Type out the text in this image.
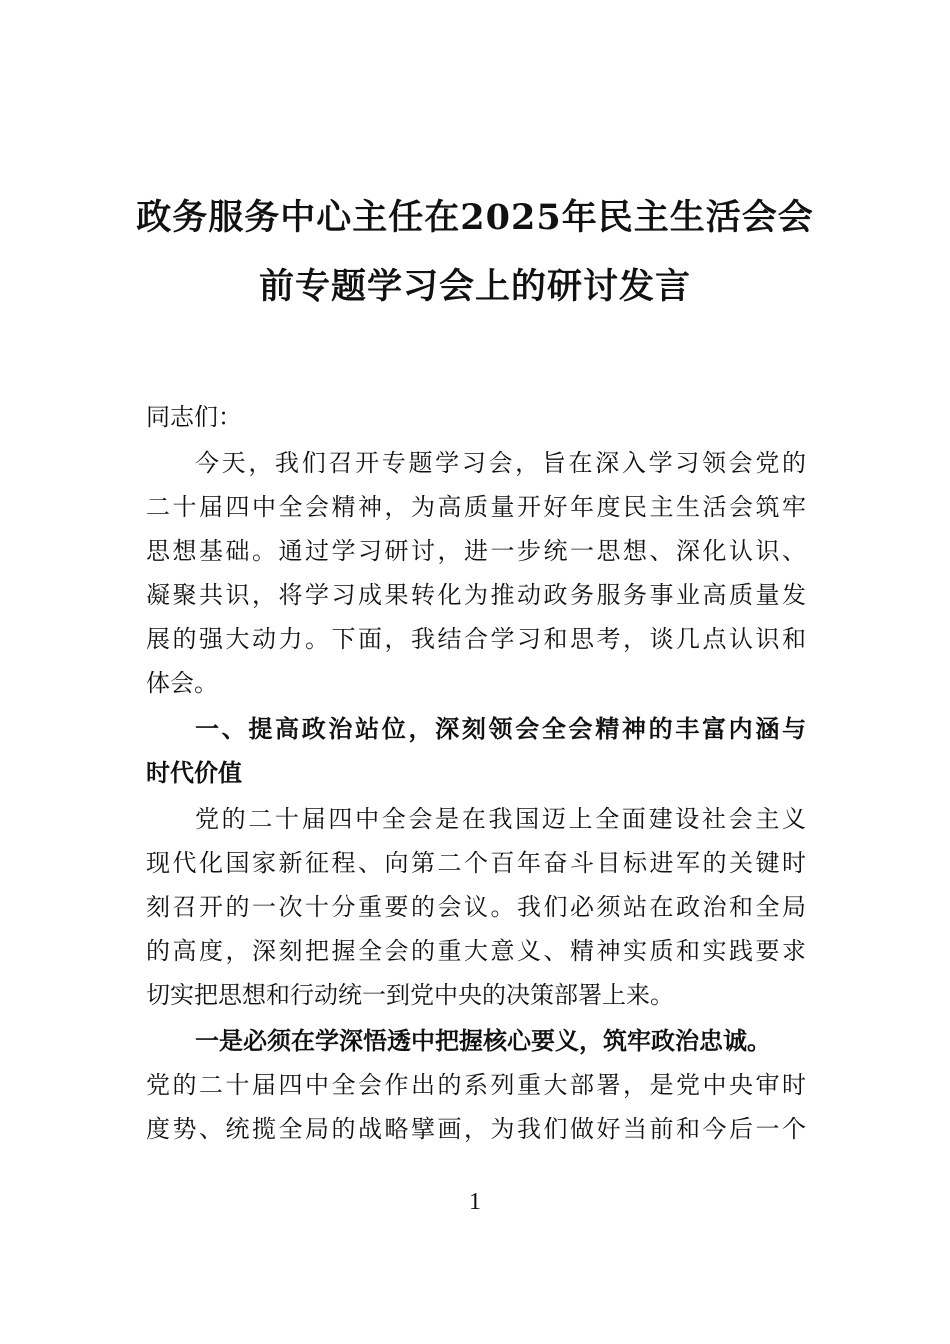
政务服务中心主任在2025年民主生活会会
前专题学习会上的研讨发言
同志们：
今天，我们召开专题学习会，旨在深入学习领会党的
二十届四中全会精神，为高质量开好年度民主生活会筑牢
思想基础。通过学习研讨，进一步统一思想、深化认识、
凝聚共识，将学习成果转化为推动政务服务事业高质量发
展的强大动力。下面，我结合学习和思考，谈几点认识和
体会。
一、提高政治站位，深刻领会全会精神的丰富内涵与
时代价值
党的二十届四中全会是在我国迈上全面建设社会主义
现代化国家新征程、向第二个百年奋斗目标进军的关键时
刻召开的一次十分重要的会议。我们必须站在政治和全局
的高度，深刻把握全会的重大意义、精神实质和实践要求
切实把思想和行动统一到党中央的决策部署上来。
一是必须在学深悟透中把握核心要义，筑牢政治忠诚。
党的二十届四中全会作出的系列重大部署，是党中央审时
度势、统揽全局的战略擘画，为我们做好当前和今后一个
1
